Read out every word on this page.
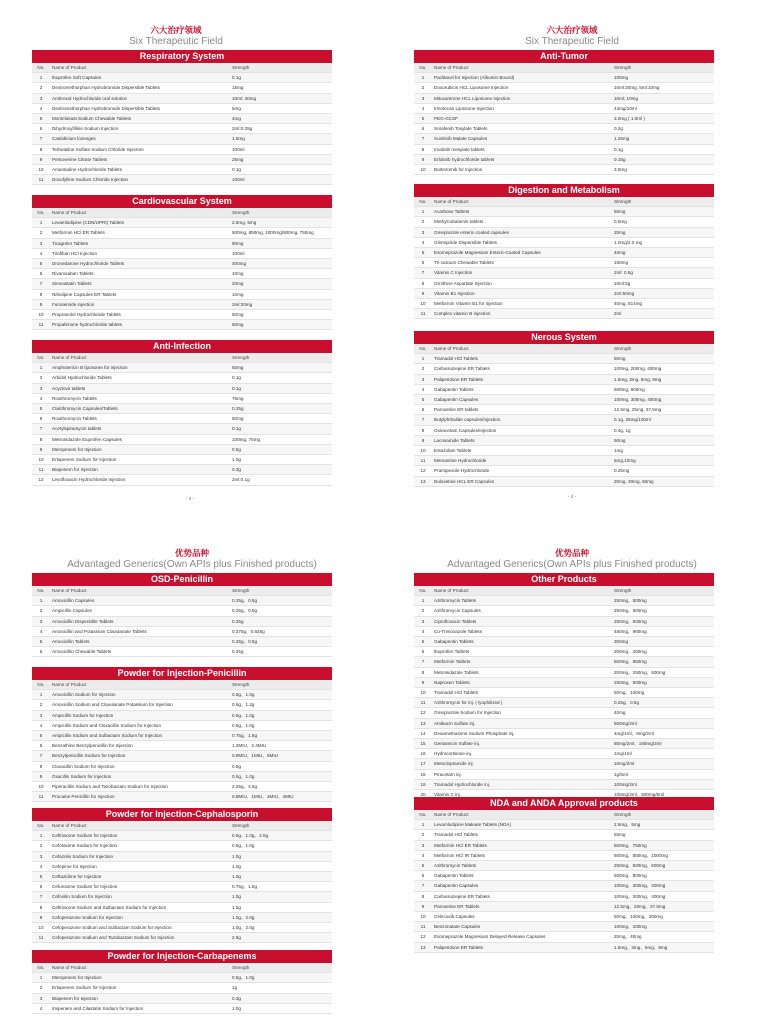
六大治疗领域
Six Therapeutic Field
Respiratory System
No.	Name of Product	Strength
1	Ibuprofen Soft Capsules	0.1g
2	Dextromethorphan Hydrobromide Dispersible Tablets	15mg
3	Ambroxol Hydrochloride oral solution	10ml: 30mg
4	Dextromethorphan Hydrobromide Dispersible Tablets	5mg
5	Montelukast Sodium Chewable Tablets	4mg
6	Dihydroxyfilline Sodium Injection	2ml:0.25g
7	Castidinium lozenges	1.5mg
8	Terbutaline Sulfate Sodium Chloride Injection	100ml
9	Pentoverine Citrate Tablets	25mg
10	Amantadine Hydrochloride Tablets	0.1g
11	Doxofylline Sodium Chloride Injection	100ml
Cardiovascular System
No.	Name of Product	Strength
1	Levamlodipine (CDN/UPRI) Tablets	2.5mg, 5mg
2	Metformin HCl ER Tablets	500mg, 850mg, 1000mg/500mg, 750mg
3	Ticagrelor Tablets	90mg
4	Tirofiban HCl Injection	100ml
5	Dronedarone Hydrochloride Tablets	400mg
6	Rivaroxaban Tablets	10mg
7	Simvastatin Tablets	20mg
8	Nifedipine Capsules ER Tablets	10mg
9	Furosemide injection	2ml:20mg
10	Propranolol Hydrochloride Tablets	50mg
11	Propafenone hydrochloride tablets	50mg
Anti-Infection
No.	Name of Product	Strength
1	Amphotericin B liposome for injection	50mg
2	Arbidol Hydrochloride Tablets	0.1g
3	Acyclovir tablets	0.1g
4	Roxithromycin Tablets	75mg
5	Clarithromycin Capsules/Tablets	0.25g
6	Roxithromycin Tablets	50mg
7	Acetylspiramycin tablets	0.1g
8	Metronidazole Ibuprofen Capsules	100mg, 75mg
9	Meropenem for Injection	0.5g
10	Ertapenem Sodium for Injection	1.0g
11	Biapenem for Injection	0.3g
12	Levofloxacin Hydrochloride Injection	2ml:0.1g
- 3 -
六大治疗领域
Six Therapeutic Field
Anti-Tumor
No.	Name of Product	Strength
1	Paclitaxel for Injection (Albumin Bound)	100mg
2	Doxorubicin HCL Liposome Injection	10ml:20mg; 5ml:10mg
3	Mitoxantrone HCL Liposome Injection	10ml; 10mg
4	Irinotecan Liposome Injection	43mg/10ml
5	PEG-GCSF	3.0mg ( 1.0ml )
6	Sorafenib Tosylate Tablets	0.2g
7	Sunitinib Malate Capsules	1.25mg
8	Imatinib mesylate tablets	0.1g
9	Erlotinib hydrochloride tablets	0.15g
10	Bortezomib for Injection	3.5mg
Digestion and Metabolism
No.	Name of Product	Strength
1	Acarbose Tablets	50mg
2	Methylcobalamin tablets	0.5mg
3	Omeprazole enteric-coated capsules	20mg
4	Glimepiride Dispersible Tablets	1.0mg/2.0 mg
5	Esomeprazole Magnesium Enteric-Coated Capsules	40mg
6	Tri-calcium Chewable Tablets	150mg
7	Vitamin C Injection	2ml: 0.5g
8	Ornithine Aspartate Injection	10ml:5g
9	Vitamin B1 Injection	2ml:50mg
10	Metformin Vitamin B1 for injection	40mg, 814mg
11	Complex vitamin B injection	2ml
Nerous System
No.	Name of Product	Strength
1	Tramadol HCl Tablets	50mg
2	Carbamazepine ER Tablets	100mg, 200mg, 400mg
3	Paliperidone ER Tablets	1.5mg, 3mg, 6mg, 9mg
4	Gabapentin Tablets	600mg, 800mg
5	Gabapentin Capsules	100mg, 300mg, 400mg
6	Paroxetine ER tablets	12.5mg, 25mg, 37.5mg
7	Butylphthalide capsules/injection	0.1g, 25mg/100ml
8	Oxiracetam Capsules/Injection	0.4g, 1g
9	Lacosamide Tablets	50mg
10	Estazolam Tablets	1mg
11	Memantine Hydrochloride	5mg,10mg
12	Pramipexole Hydrochloride	0.25mg
13	Duloxetine HCL ER Capsules	20mg, 30mg, 60mg
- 4 -
优势品种
Advantaged Generics(Own APIs plus Finished products)
OSD-Penicillin
No.	Name of Product	Strength
1	Amoxicillin Capsules	0.25g、0.5g
2	Ampicillin Capsules	0.25g、0.5g
3	Amoxicillin Dispersible Tablets	0.25g
4	Amoxicillin and Potassium Clavulanate Tablets	0.375g、0.625g
5	Amoxicillin Tablets	0.25g、0.5g
6	Amoxicillin Chewable Tablets	0.25g
Powder for Injection-Penicillin
No.	Name of Product	Strength
1	Amoxicillin Sodium for Injection	0.5g、1.0g
2	Amoxicillin Sodium and Clavulanate Potassium for Injection	0.6g、1.2g
3	Ampicillin Sodium for Injection	0.5g、1.0g
4	Ampicillin Sodium and Cloxacillin Sodium for Injection	0.5g、1.0g
5	Ampicillin Sodium and Sulbactam Sodium for Injection	0.75g、1.5g
6	Benzathine Benzylpenicillin for Injection	1.2MIU、2.4MIU
7	Benzylpenicillin Sodium for Injection	0.8MIU、1MIU、5MIU
8	Cloxacillin Sodium for Injection	0.5g
9	Oxacillin Sodium for Injection	0.5g、1.0g
10	Piperacillin Sodium and Tazobactam Sodium for Injection	2.25g、4.5g
11	Procaine Penicillin for Injection	0.8MIU、1MIU、3MIU、4MIU
Powder for Injection-Cephalosporin
No.	Name of Product	Strength
1	Ceftriaxone Sodium for Injection	0.5g、1.0g、2.0g
2	Cefotaxime Sodium for Injection	0.5g、1.0g
3	Cefazolin Sodium for Injection	1.0g
4	Cefepime for Injection	1.0g
5	Ceftazidime for Injection	1.0g
6	Cefuroxime Sodium for Injection	0.75g、1.5g
7	Cefoxitin Sodium for Injection	1.0g
8	Ceftriaxone Sodium and Sulbactam Sodium for Injection	1.5g
9	Cefoperazone Sodium for Injection	1.0g、2.0g
10	Cefoperazone Sodium and Sulbactam Sodium for Injection	1.0g、2.0g
11	Cefoperazone Sodium and Tazobactam Sodium for Injection	2.5g
Powder for Injection-Carbapenems
No.	Name of Product	Strength
1	Meropenem for Injection	0.5g、1.0g
2	Ertapenem Sodium for Injection	1g
3	Biapenem for Injection	0.3g
4	Imipenem and Cilastatin Sodium for Injection	1.0g
优势品种
Advantaged Generics(Own APIs plus Finished products)
Other Products
No.	Name of Product	Strength
1	Azithromycin Tablets	250mg、500mg
2	Azithromycin Capsules	250mg、500mg
3	Ciprofloxacin Tablets	250mg、500mg
4	Co-Trimoxazole Tablets	480mg、960mg
5	Gabapentin Tablets	300mg
6	Ibuprofen Tablets	200mg、400mg
7	Metformin Tablets	500mg、850mg
8	Metronidazole Tablets	200mg、250mg、500mg
9	Naproxen Tablets	250mg、500mg
10	Tramadol HCl Tablets	50mg、100mg
11	Azithromycin for inj. ( lyophilized )	0.25g、0.5g
12	Omeprazole Sodium for Injection	40mg
13	Amikacin Sulfate inj.	500mg/2ml
14	Dexamethasone Sodium Phosphate inj.	4mg/1ml、8mg/2ml
15	Gentamicin Sulfate inj.	80mg/2ml、160mg/2ml
16	Hydrocortisone inj.	1mg/1ml
17	Metoclopramide inj.	10mg/2ml
18	Piracetam inj.	1g/5ml
19	Tramadol Hydrochloride inj.	100mg/2ml
20	Vitamin C inj.	100mg/2ml、500mg/5ml
NDA and ANDA Approval products
No.	Name of Product	Strength
1	Levamlodipine Maleate Tablets (NDA)	2.5mg、5mg
2	Tramadol HCl Tablets	50mg
3	Metformin HCl ER Tablets	500mg、750mg
4	Metformin HCl IR Tablets	500mg、850mg、1000mg
5	Azithromycin Tablets	250mg、500mg、600mg
6	Gabapentin Tablets	600mg、800mg
7	Gabapentin Capsules	100mg、300mg、400mg
8	Carbamazepine ER Tablets	100mg、200mg、400mg
9	Paroxetine ER Tablets	12.5mg、25mg、37.5mg
10	Celecoxib Capsules	50mg、100mg、200mg
11	Benzonatate Capsules	100mg、200mg
12	Esomeprazole Magnesium Delayed-Release Capsules	20mg、40mg
13	Paliperidone ER Tablets	1.5mg、3mg、6mg、9mg
